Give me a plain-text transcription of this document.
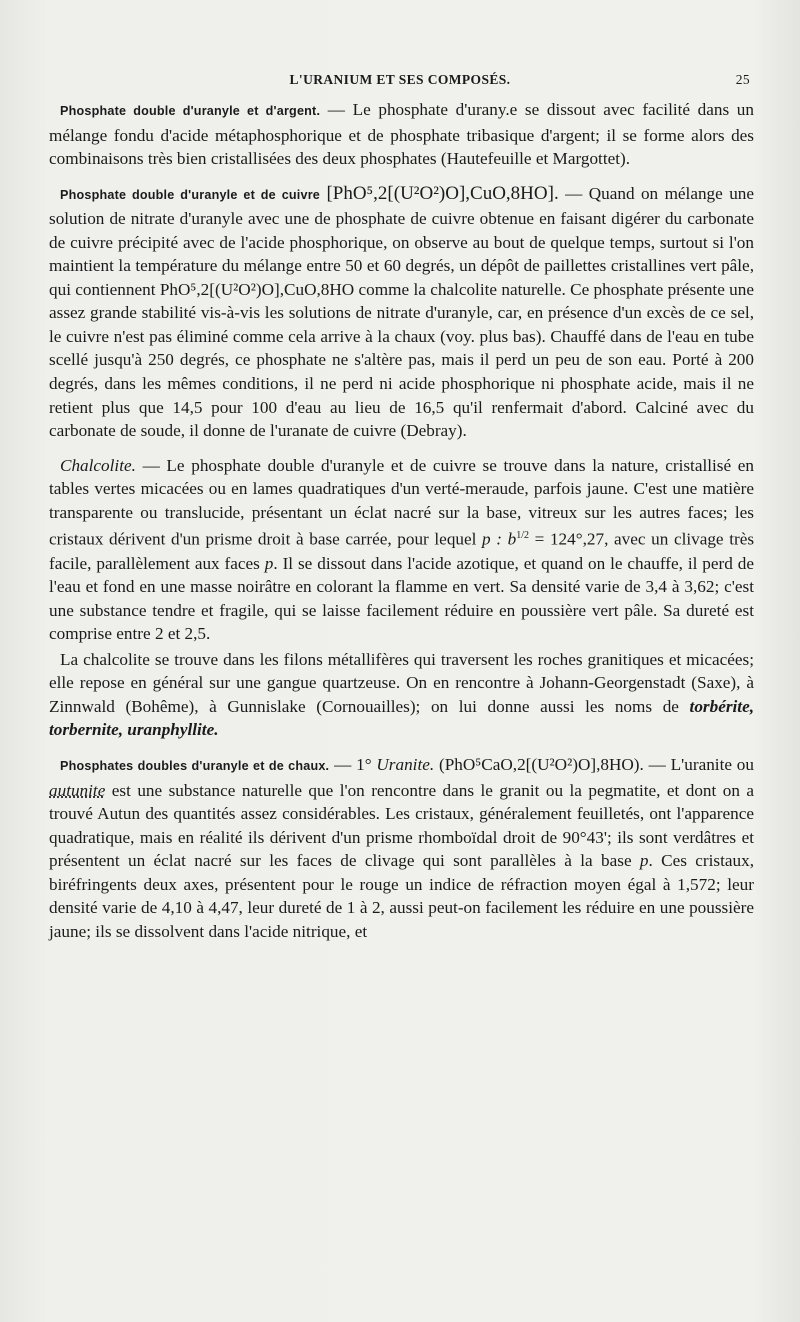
L'URANIUM ET SES COMPOSÉS.	25

Phosphate double d'uranyle et d'argent. — Le phosphate d'urany.e se dissout avec facilité dans un mélange fondu d'acide métaphosphorique et de phosphate tribasique d'argent; il se forme alors des combinaisons très bien cristallisées des deux phosphates (Hautefeuille et Margottet).

Phosphate double d'uranyle et de cuivre [PhO⁵,2[(U²O²)O],CuO,8HO]. — Quand on mélange une solution de nitrate d'uranyle avec une de phosphate de cuivre obtenue en faisant digérer du carbonate de cuivre précipité avec de l'acide phosphorique, on observe au bout de quelque temps, surtout si l'on maintient la température du mélange entre 50 et 60 degrés, un dépôt de paillettes cristallines vert pâle, qui contiennent PhO⁵,2[(U²O²)O],CuO,8HO comme la chalcolite naturelle. Ce phosphate présente une assez grande stabilité vis-à-vis les solutions de nitrate d'uranyle, car, en présence d'un excès de ce sel, le cuivre n'est pas éliminé comme cela arrive à la chaux (voy. plus bas). Chauffé dans de l'eau en tube scellé jusqu'à 250 degrés, ce phosphate ne s'altère pas, mais il perd un peu de son eau. Porté à 200 degrés, dans les mêmes conditions, il ne perd ni acide phosphorique ni phosphate acide, mais il ne retient plus que 14,5 pour 100 d'eau au lieu de 16,5 qu'il renfermait d'abord. Calciné avec du carbonate de soude, il donne de l'uranate de cuivre (Debray).

Chalcolite. — Le phosphate double d'uranyle et de cuivre se trouve dans la nature, cristallisé en tables vertes micacées ou en lames quadratiques d'un verté-meraude, parfois jaune. C'est une matière transparente ou translucide, présentant un éclat nacré sur la base, vitreux sur les autres faces; les cristaux dérivent d'un prisme droit à base carrée, pour lequel p : $b^{1/2} = 124^\circ,27$, avec un clivage très facile, parallèlement aux faces p. Il se dissout dans l'acide azotique, et quand on le chauffe, il perd de l'eau et fond en une masse noirâtre en colorant la flamme en vert. Sa densité varie de 3,4 à 3,62; c'est une substance tendre et fragile, qui se laisse facilement réduire en poussière vert pâle. Sa dureté est comprise entre 2 et 2,5.

La chalcolite se trouve dans les filons métallifères qui traversent les roches granitiques et micacées; elle repose en général sur une gangue quartzeuse. On en rencontre à Johann-Georgenstadt (Saxe), à Zinnwald (Bohême), à Gunnislake (Cornouailles); on lui donne aussi les noms de torbérite, torbernite, uranphyllite.

Phosphates doubles d'uranyle et de chaux. — 1° Uranite. (PhO⁵CaO,2[(U²O²)O],8HO). — L'uranite ou autunite est une substance naturelle que l'on rencontre dans le granit ou la pegmatite, et dont on a trouvé Autun des quantités assez considérables. Les cristaux, généralement feuilletés, ont l'apparence quadratique, mais en réalité ils dérivent d'un prisme rhomboïdal droit de 90°43'; ils sont verdâtres et présentent un éclat nacré sur les faces de clivage qui sont parallèles à la base p. Ces cristaux, biréfringents deux axes, présentent pour le rouge un indice de réfraction moyen égal à 1,572; leur densité varie de 4,10 à 4,47, leur dureté de 1 à 2, aussi peut-on facilement les réduire en une poussière jaune; ils se dissolvent dans l'acide nitrique, et
